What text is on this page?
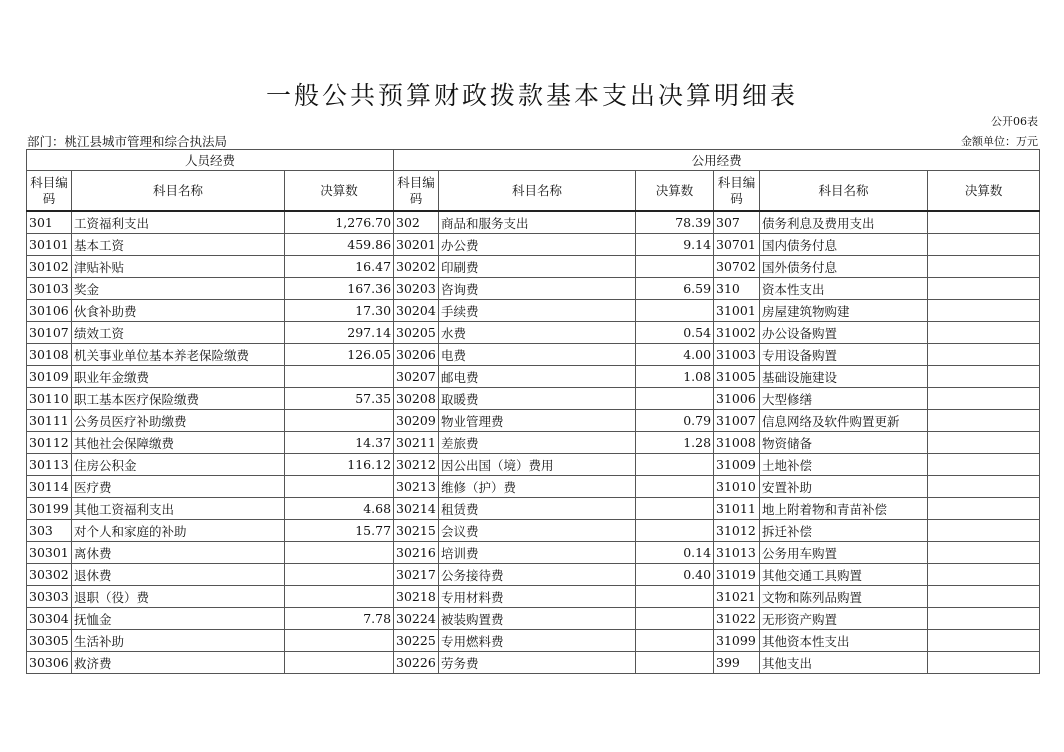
一般公共预算财政拨款基本支出决算明细表
公开06表
部门：桃江县城市管理和综合执法局	金额单位：万元
人员经费			公用经费					
科目编码	科目名称	决算数	科目编码	科目名称	决算数	科目编码	科目名称	决算数
301	工资福利支出	1,276.70	302	商品和服务支出	78.39	307	债务利息及费用支出	
30101	基本工资	459.86	30201	办公费	9.14	30701	国内债务付息	
30102	津贴补贴	16.47	30202	印刷费		30702	国外债务付息	
30103	奖金	167.36	30203	咨询费	6.59	310	资本性支出	
30106	伙食补助费	17.30	30204	手续费		31001	房屋建筑物购建	
30107	绩效工资	297.14	30205	水费	0.54	31002	办公设备购置	
30108	机关事业单位基本养老保险缴费	126.05	30206	电费	4.00	31003	专用设备购置	
30109	职业年金缴费		30207	邮电费	1.08	31005	基础设施建设	
30110	职工基本医疗保险缴费	57.35	30208	取暖费		31006	大型修缮	
30111	公务员医疗补助缴费		30209	物业管理费	0.79	31007	信息网络及软件购置更新	
30112	其他社会保障缴费	14.37	30211	差旅费	1.28	31008	物资储备	
30113	住房公积金	116.12	30212	因公出国（境）费用		31009	土地补偿	
30114	医疗费		30213	维修（护）费		31010	安置补助	
30199	其他工资福利支出	4.68	30214	租赁费		31011	地上附着物和青苗补偿	
303	对个人和家庭的补助	15.77	30215	会议费		31012	拆迁补偿	
30301	离休费		30216	培训费	0.14	31013	公务用车购置	
30302	退休费		30217	公务接待费	0.40	31019	其他交通工具购置	
30303	退职（役）费		30218	专用材料费		31021	文物和陈列品购置	
30304	抚恤金	7.78	30224	被装购置费		31022	无形资产购置	
30305	生活补助		30225	专用燃料费		31099	其他资本性支出	
30306	救济费		30226	劳务费		399	其他支出	
